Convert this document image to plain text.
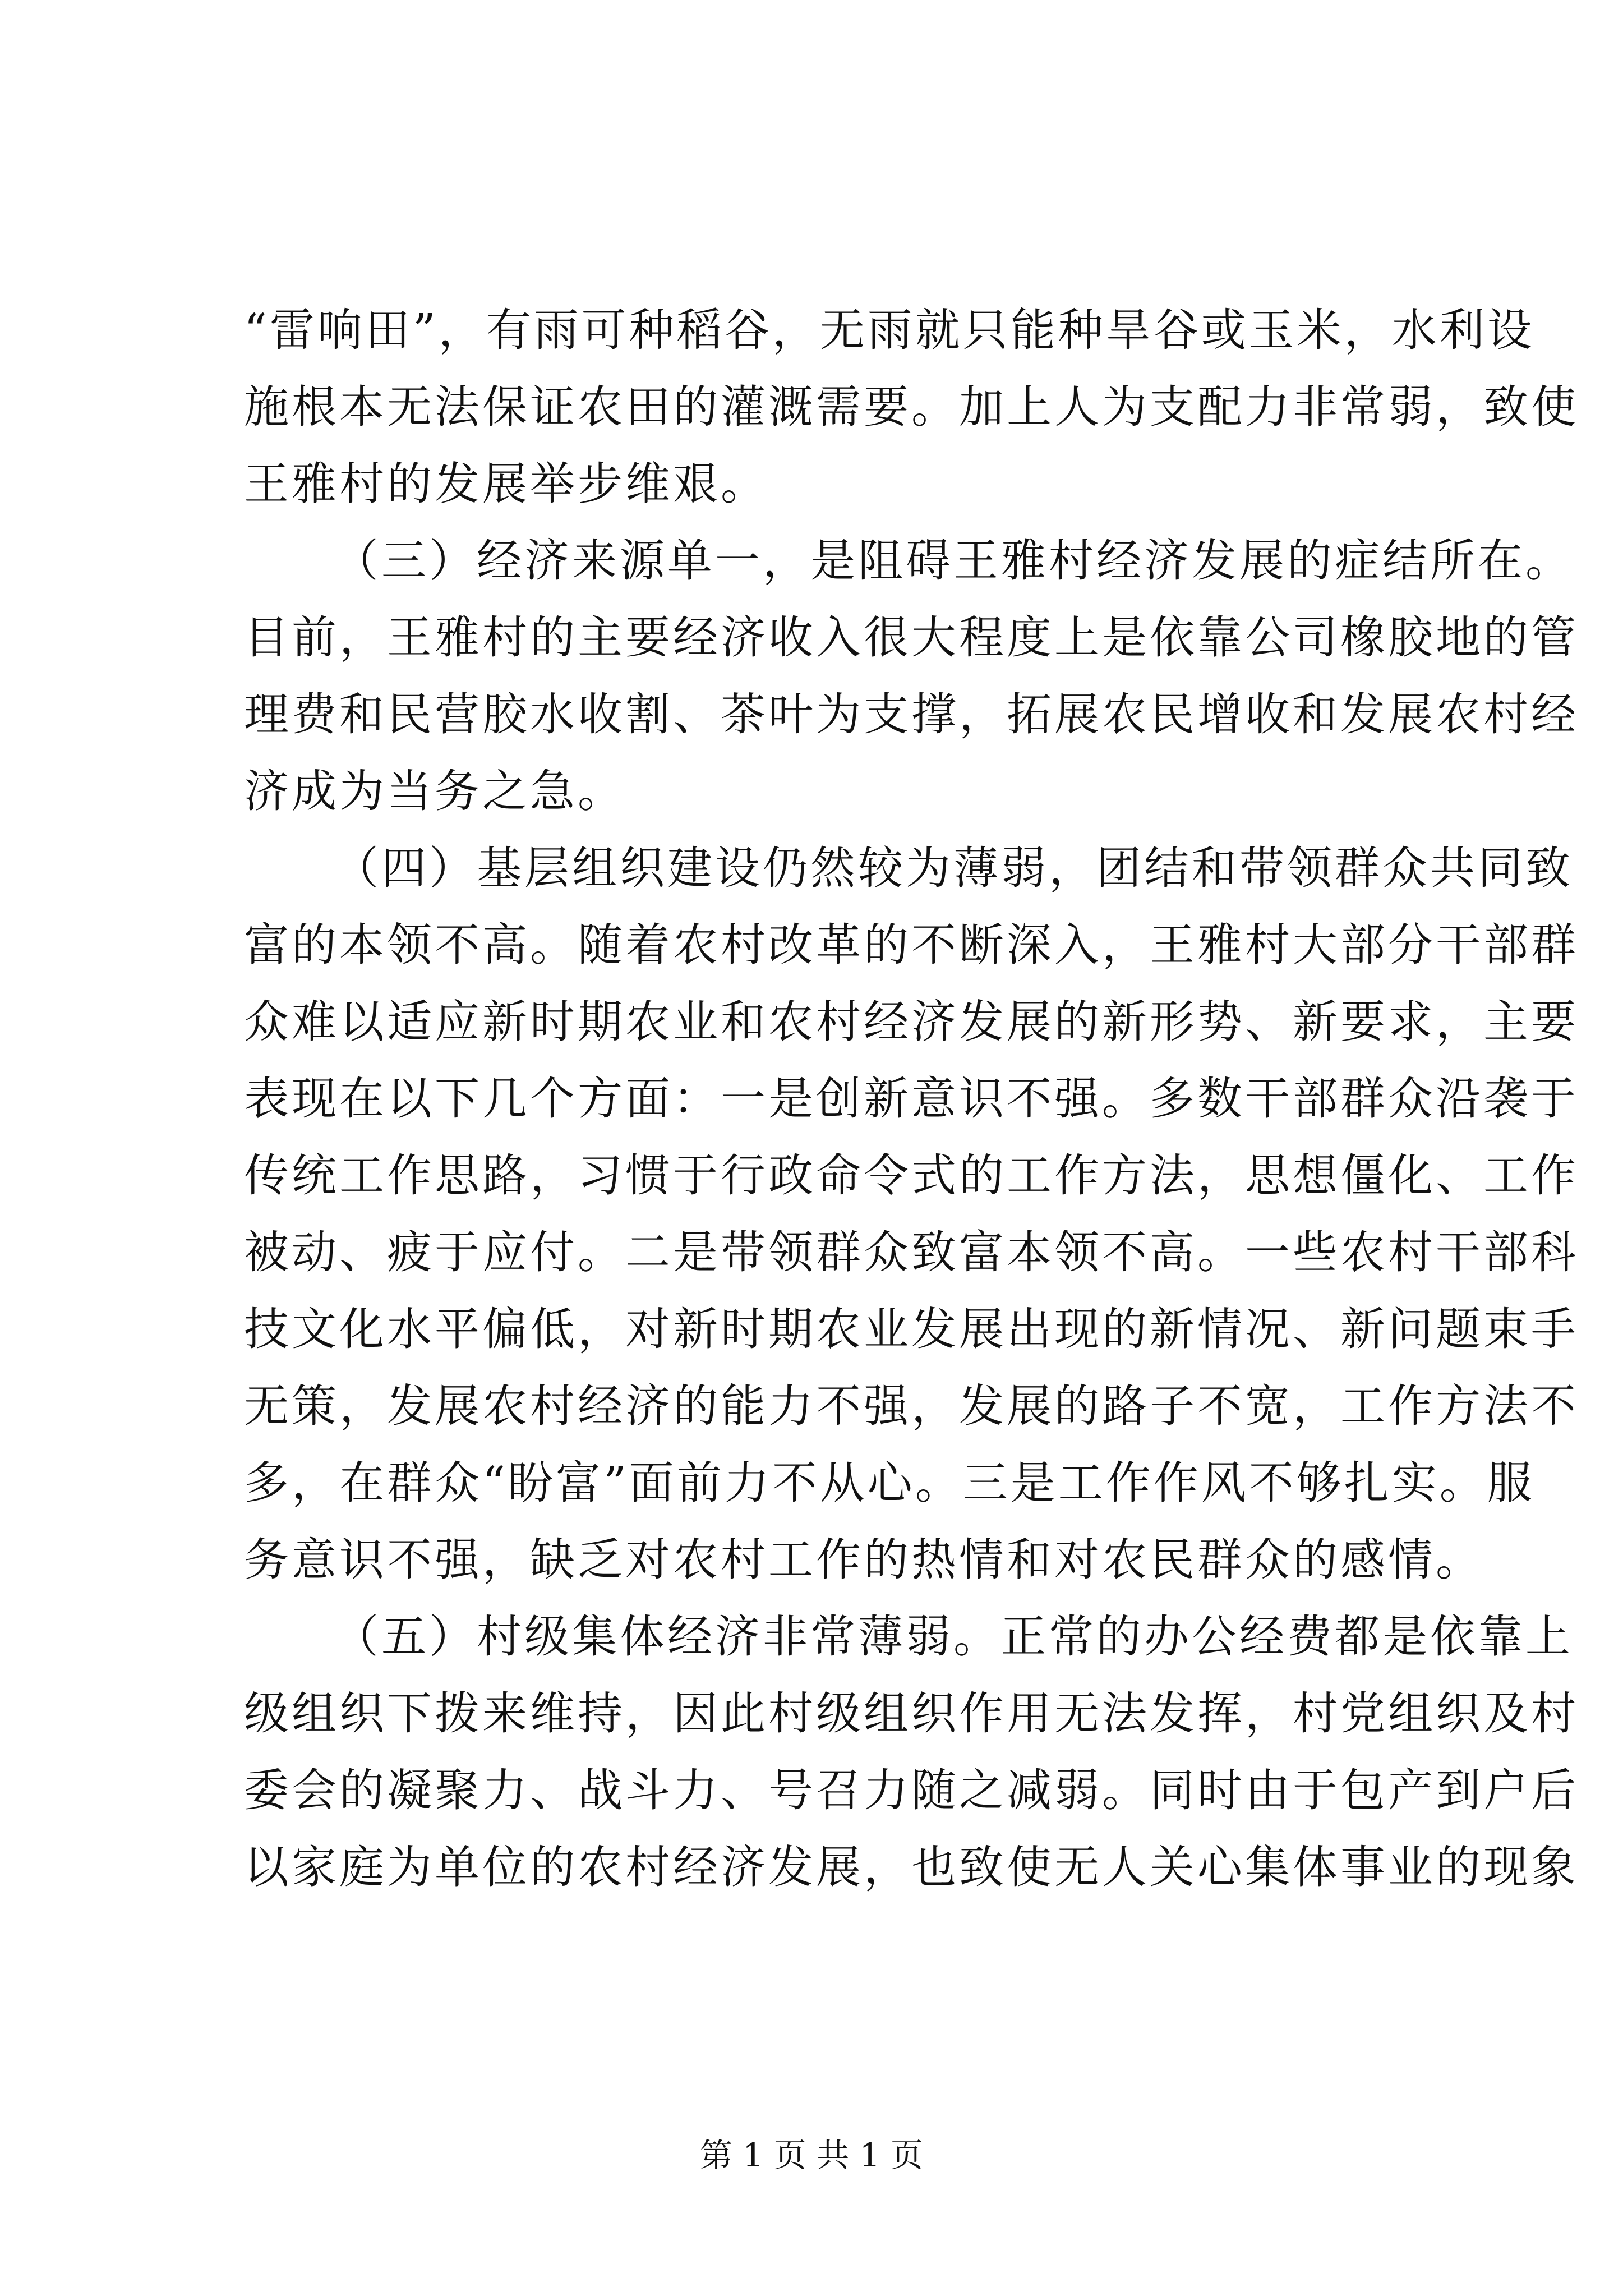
“雷响田”，有雨可种稻谷，无雨就只能种旱谷或玉米，水利设
施根本无法保证农田的灌溉需要。加上人为支配力非常弱，致使
王雅村的发展举步维艰。
（三）经济来源单一，是阻碍王雅村经济发展的症结所在。
目前，王雅村的主要经济收入很大程度上是依靠公司橡胶地的管
理费和民营胶水收割、茶叶为支撑，拓展农民增收和发展农村经
济成为当务之急。
（四）基层组织建设仍然较为薄弱，团结和带领群众共同致
富的本领不高。随着农村改革的不断深入，王雅村大部分干部群
众难以适应新时期农业和农村经济发展的新形势、新要求，主要
表现在以下几个方面：一是创新意识不强。多数干部群众沿袭于
传统工作思路，习惯于行政命令式的工作方法，思想僵化、工作
被动、疲于应付。二是带领群众致富本领不高。一些农村干部科
技文化水平偏低，对新时期农业发展出现的新情况、新问题束手
无策，发展农村经济的能力不强，发展的路子不宽，工作方法不
多，在群众“盼富”面前力不从心。三是工作作风不够扎实。服
务意识不强，缺乏对农村工作的热情和对农民群众的感情。
（五）村级集体经济非常薄弱。正常的办公经费都是依靠上
级组织下拨来维持，因此村级组织作用无法发挥，村党组织及村
委会的凝聚力、战斗力、号召力随之减弱。同时由于包产到户后
以家庭为单位的农村经济发展，也致使无人关心集体事业的现象
第 1 页 共 1 页
